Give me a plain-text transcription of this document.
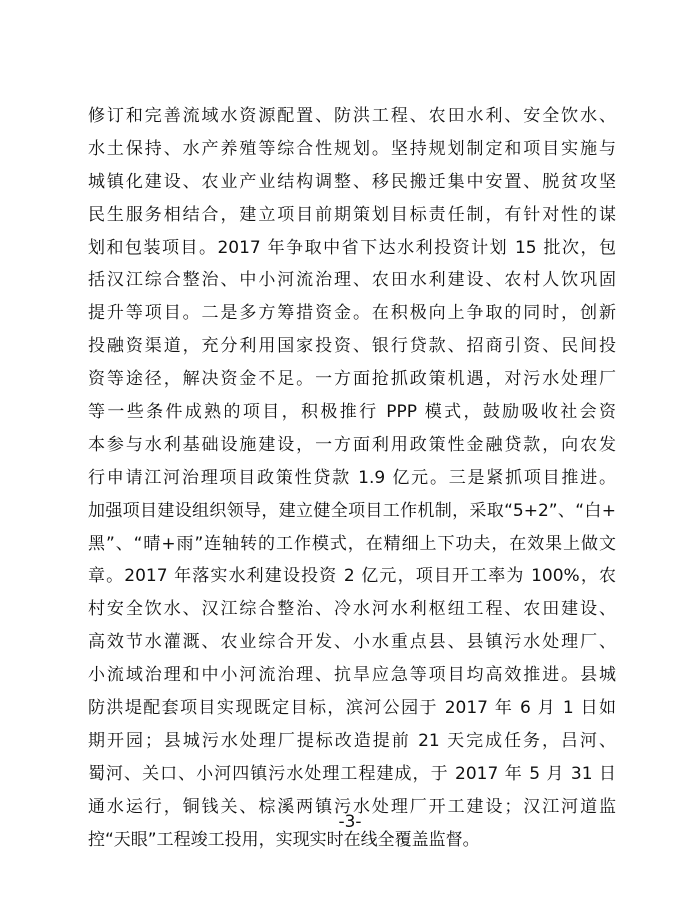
修订和完善流域水资源配置、防洪工程、农田水利、安全饮水、
水土保持、水产养殖等综合性规划。坚持规划制定和项目实施与
城镇化建设、农业产业结构调整、移民搬迁集中安置、脱贫攻坚
民生服务相结合，建立项目前期策划目标责任制，有针对性的谋
划和包装项目。2017 年争取中省下达水利投资计划 15 批次，包
括汉江综合整治、中小河流治理、农田水利建设、农村人饮巩固
提升等项目。二是多方筹措资金。在积极向上争取的同时，创新
投融资渠道，充分利用国家投资、银行贷款、招商引资、民间投
资等途径，解决资金不足。一方面抢抓政策机遇，对污水处理厂
等一些条件成熟的项目，积极推行 PPP 模式，鼓励吸收社会资
本参与水利基础设施建设，一方面利用政策性金融贷款，向农发
行申请江河治理项目政策性贷款 1.9 亿元。三是紧抓项目推进。
加强项目建设组织领导，建立健全项目工作机制，采取“5+2”、“白+
黑”、“晴+雨”连轴转的工作模式，在精细上下功夫，在效果上做文
章。2017 年落实水利建设投资 2 亿元，项目开工率为 100%，农
村安全饮水、汉江综合整治、冷水河水利枢纽工程、农田建设、
高效节水灌溉、农业综合开发、小水重点县、县镇污水处理厂、
小流域治理和中小河流治理、抗旱应急等项目均高效推进。县城
防洪堤配套项目实现既定目标，滨河公园于 2017 年 6 月 1 日如
期开园；县城污水处理厂提标改造提前 21 天完成任务，吕河、
蜀河、关口、小河四镇污水处理工程建成，于 2017 年 5 月 31 日
通水运行，铜钱关、棕溪两镇污水处理厂开工建设；汉江河道监
控“天眼”工程竣工投用，实现实时在线全覆盖监督。
-3-
